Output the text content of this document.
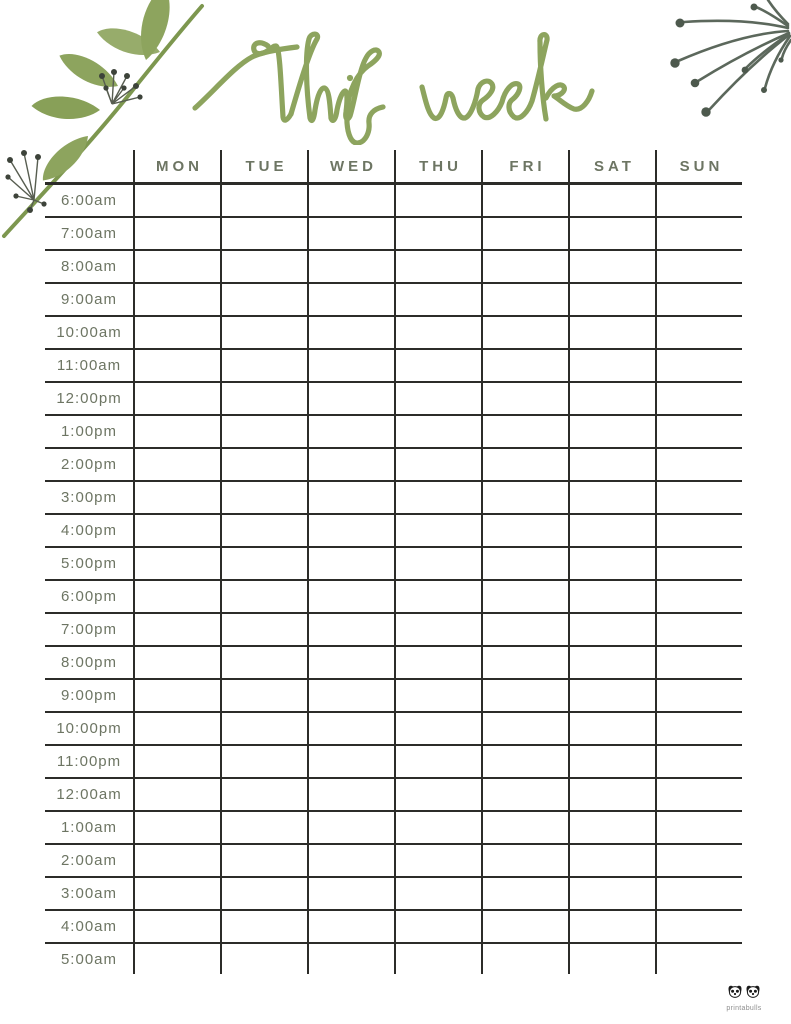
MON	TUE	WED	THU	FRI	SAT	SUN
6:00am
7:00am
8:00am
9:00am
10:00am
11:00am
12:00pm
1:00pm
2:00pm
3:00pm
4:00pm
5:00pm
6:00pm
7:00pm
8:00pm
9:00pm
10:00pm
11:00pm
12:00am
1:00am
2:00am
3:00am
4:00am
5:00am
printabulls
